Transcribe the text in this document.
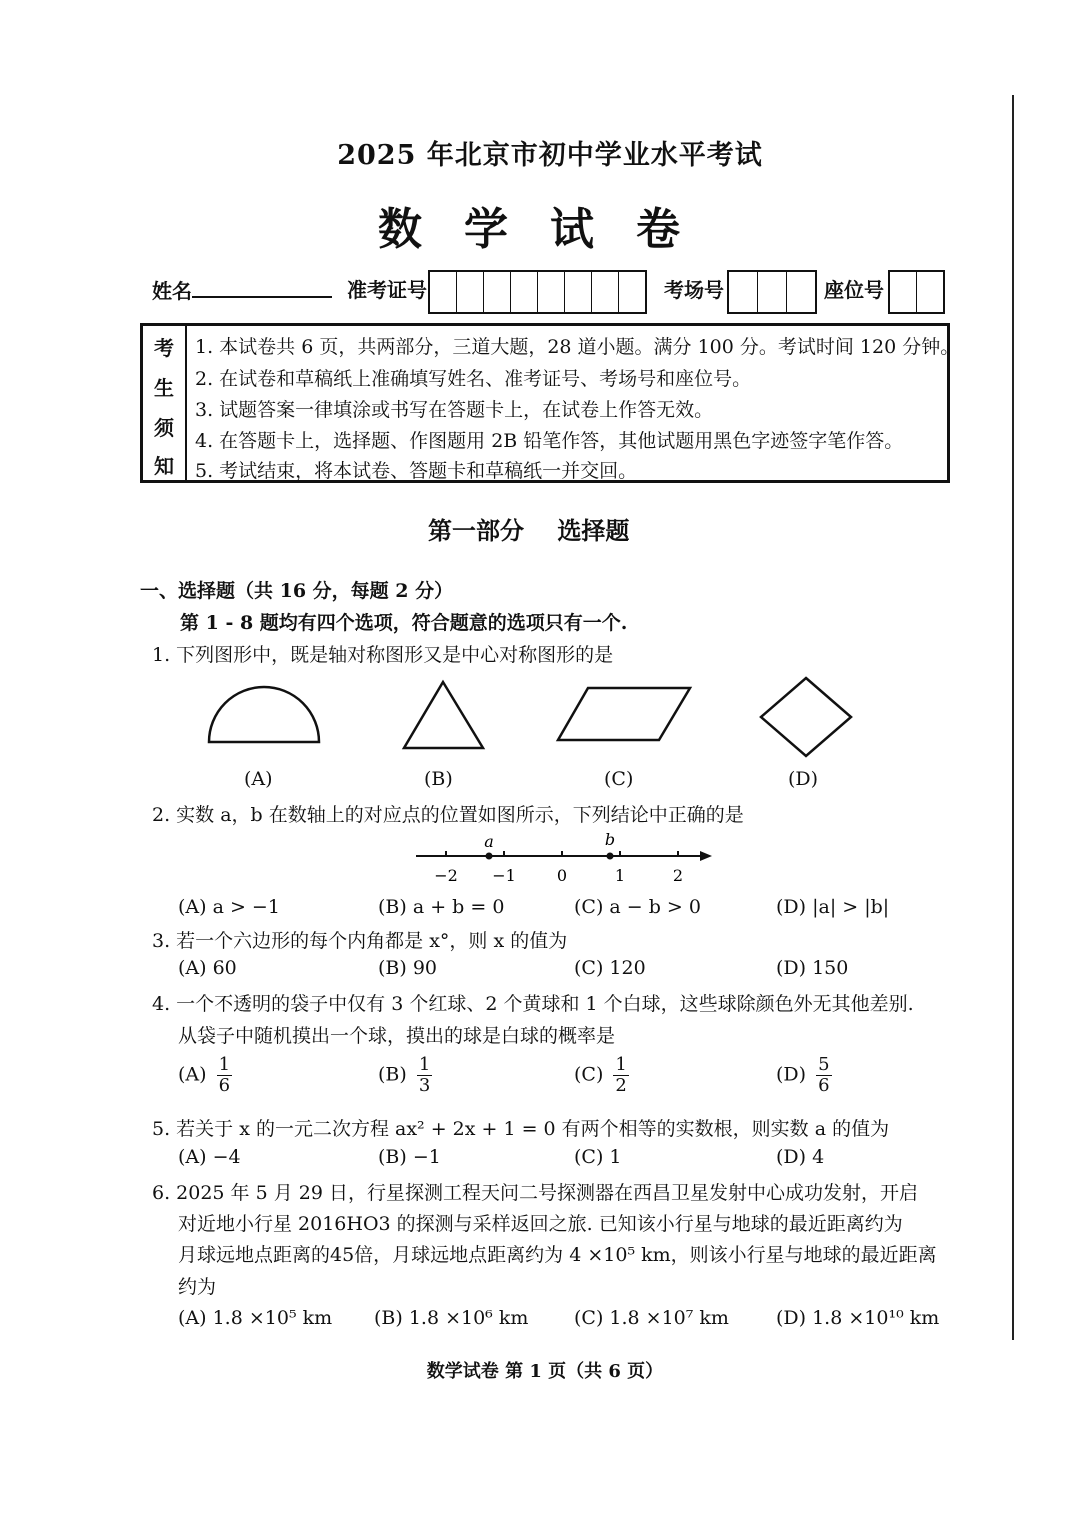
2025 年北京市初中学业水平考试
数学试卷
姓名	准考证号	考场号	座位号
考
生
须
知
1. 本试卷共 6 页，共两部分，三道大题，28 道小题。满分 100 分。考试时间 120 分钟。
2. 在试卷和草稿纸上准确填写姓名、准考证号、考场号和座位号。
3. 试题答案一律填涂或书写在答题卡上，在试卷上作答无效。
4. 在答题卡上，选择题、作图题用 2B 铅笔作答，其他试题用黑色字迹签字笔作答。
5. 考试结束，将本试卷、答题卡和草稿纸一并交回。
第一部分    选择题
一、选择题（共 16 分，每题 2 分）
第 1 - 8 题均有四个选项，符合题意的选项只有一个.
1. 下列图形中，既是轴对称图形又是中心对称图形的是
(A)	(B)	(C)	(D)
2. 实数 a，b 在数轴上的对应点的位置如图所示，下列结论中正确的是
a	b
−2 −1	0	1	2
(A) a > −1	(B) a + b = 0	(C) a − b > 0	(D) |a| > |b|
3. 若一个六边形的每个内角都是 x°，则 x 的值为
(A) 60	(B) 90	(C) 120	(D) 150
4. 一个不透明的袋子中仅有 3 个红球、2 个黄球和 1 个白球，这些球除颜色外无其他差别.
从袋子中随机摸出一个球，摸出的球是白球的概率是
$(A) \frac{1}{6}$	$(B) \frac{1}{3}$	$(C) \frac{1}{2}$	$(D) \frac{5}{6}$
5. 若关于 x 的一元二次方程 ax² + 2x + 1 = 0 有两个相等的实数根，则实数 a 的值为
(A) −4	(B) −1	(C) 1	(D) 4
6. 2025 年 5 月 29 日，行星探测工程天问二号探测器在西昌卫星发射中心成功发射，开启
对近地小行星 2016HO3 的探测与采样返回之旅. 已知该小行星与地球的最近距离约为
月球远地点距离的45倍，月球远地点距离约为 4 ×10⁵ km，则该小行星与地球的最近距离
约为
(A) 1.8 ×10⁵ km (B) 1.8 ×10⁶ km (C) 1.8 ×10⁷ km (D) 1.8 ×10¹⁰ km
数学试卷 第 1 页（共 6 页）
